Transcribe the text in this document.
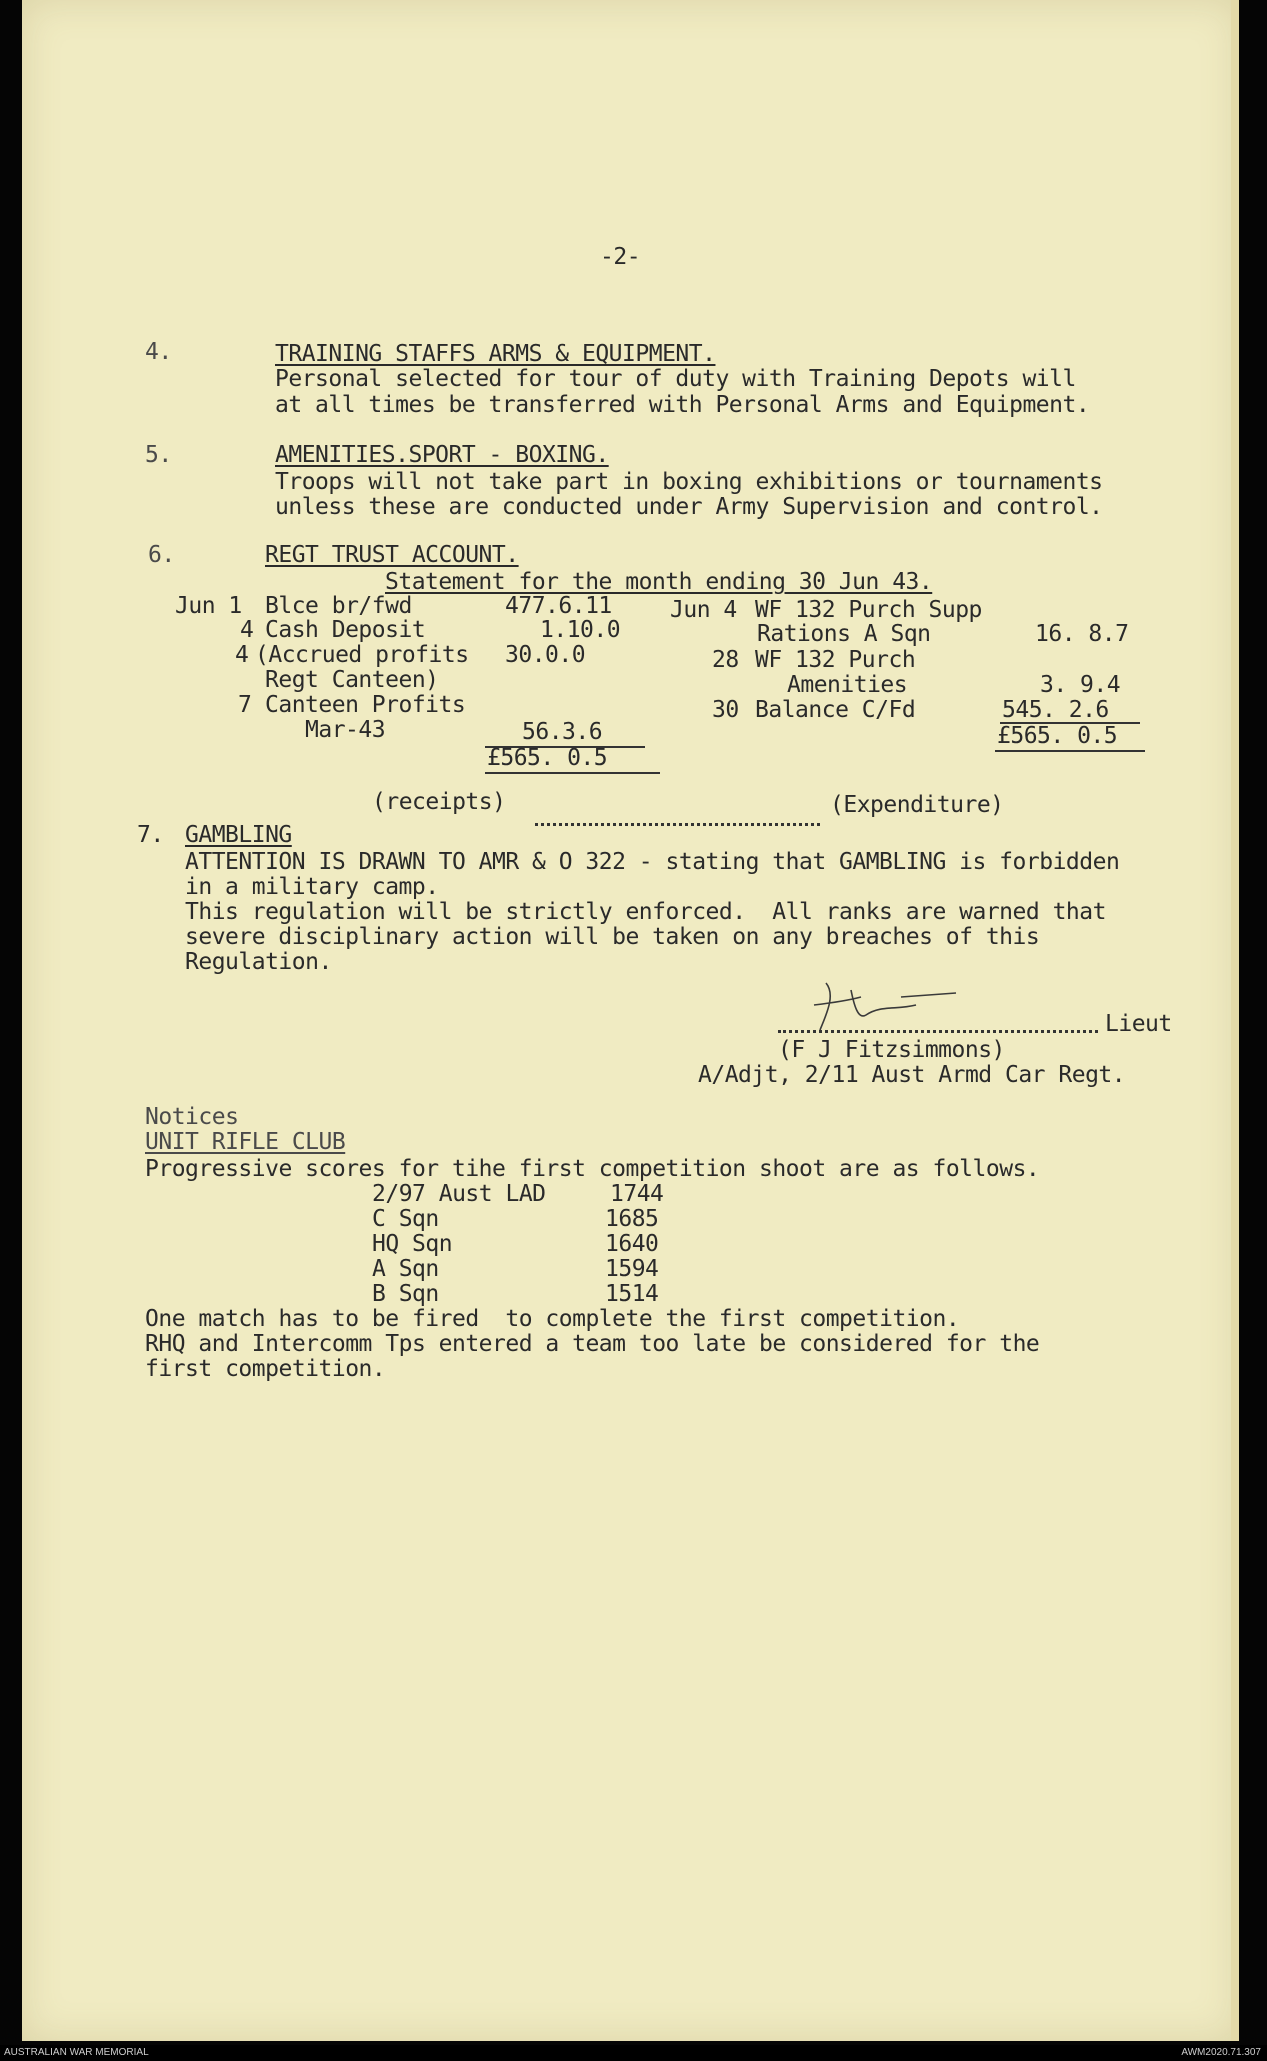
-2-
4.	TRAINING STAFFS ARMS & EQUIPMENT.
Personal selected for tour of duty with Training Depots will
at all times be transferred with Personal Arms and Equipment.
5.	AMENITIES.SPORT - BOXING.
Troops will not take part in boxing exhibitions or tournaments
unless these are conducted under Army Supervision and control.
6.	REGT TRUST ACCOUNT.
Statement for the month ending 30 Jun 43.
Jun 1 Blce br/fwd	477.6.11
4 Cash Deposit	1.10.0
4 (Accrued profits 30.0.0
Regt Canteen)
7 Canteen Profits
Mar-43	56.3.6
£565. 0.5
Jun 4 WF 132 Purch Supp
Rations A Sqn	16. 8.7
28 WF 132 Purch
Amenities	3. 9.4
30 Balance C/Fd	545. 2.6
£565. 0.5
(receipts)	(Expenditure)
7. GAMBLING
ATTENTION IS DRAWN TO AMR & O 322 - stating that GAMBLING is forbidden
in a military camp.
This regulation will be strictly enforced.  All ranks are warned that
severe disciplinary action will be taken on any breaches of this
Regulation.
Lieut
(F J Fitzsimmons)
A/Adjt, 2/11 Aust Armd Car Regt.
Notices
UNIT RIFLE CLUB
Progressive scores for tihe first competition shoot are as follows.
2/97 Aust LAD	1744
C Sqn	1685
HQ Sqn	1640
A Sqn	1594
B Sqn	1514
One match has to be fired  to complete the first competition.
RHQ and Intercomm Tps entered a team too late be considered for the
first competition.
AUSTRALIAN WAR MEMORIAL	AWM2020.71.307
